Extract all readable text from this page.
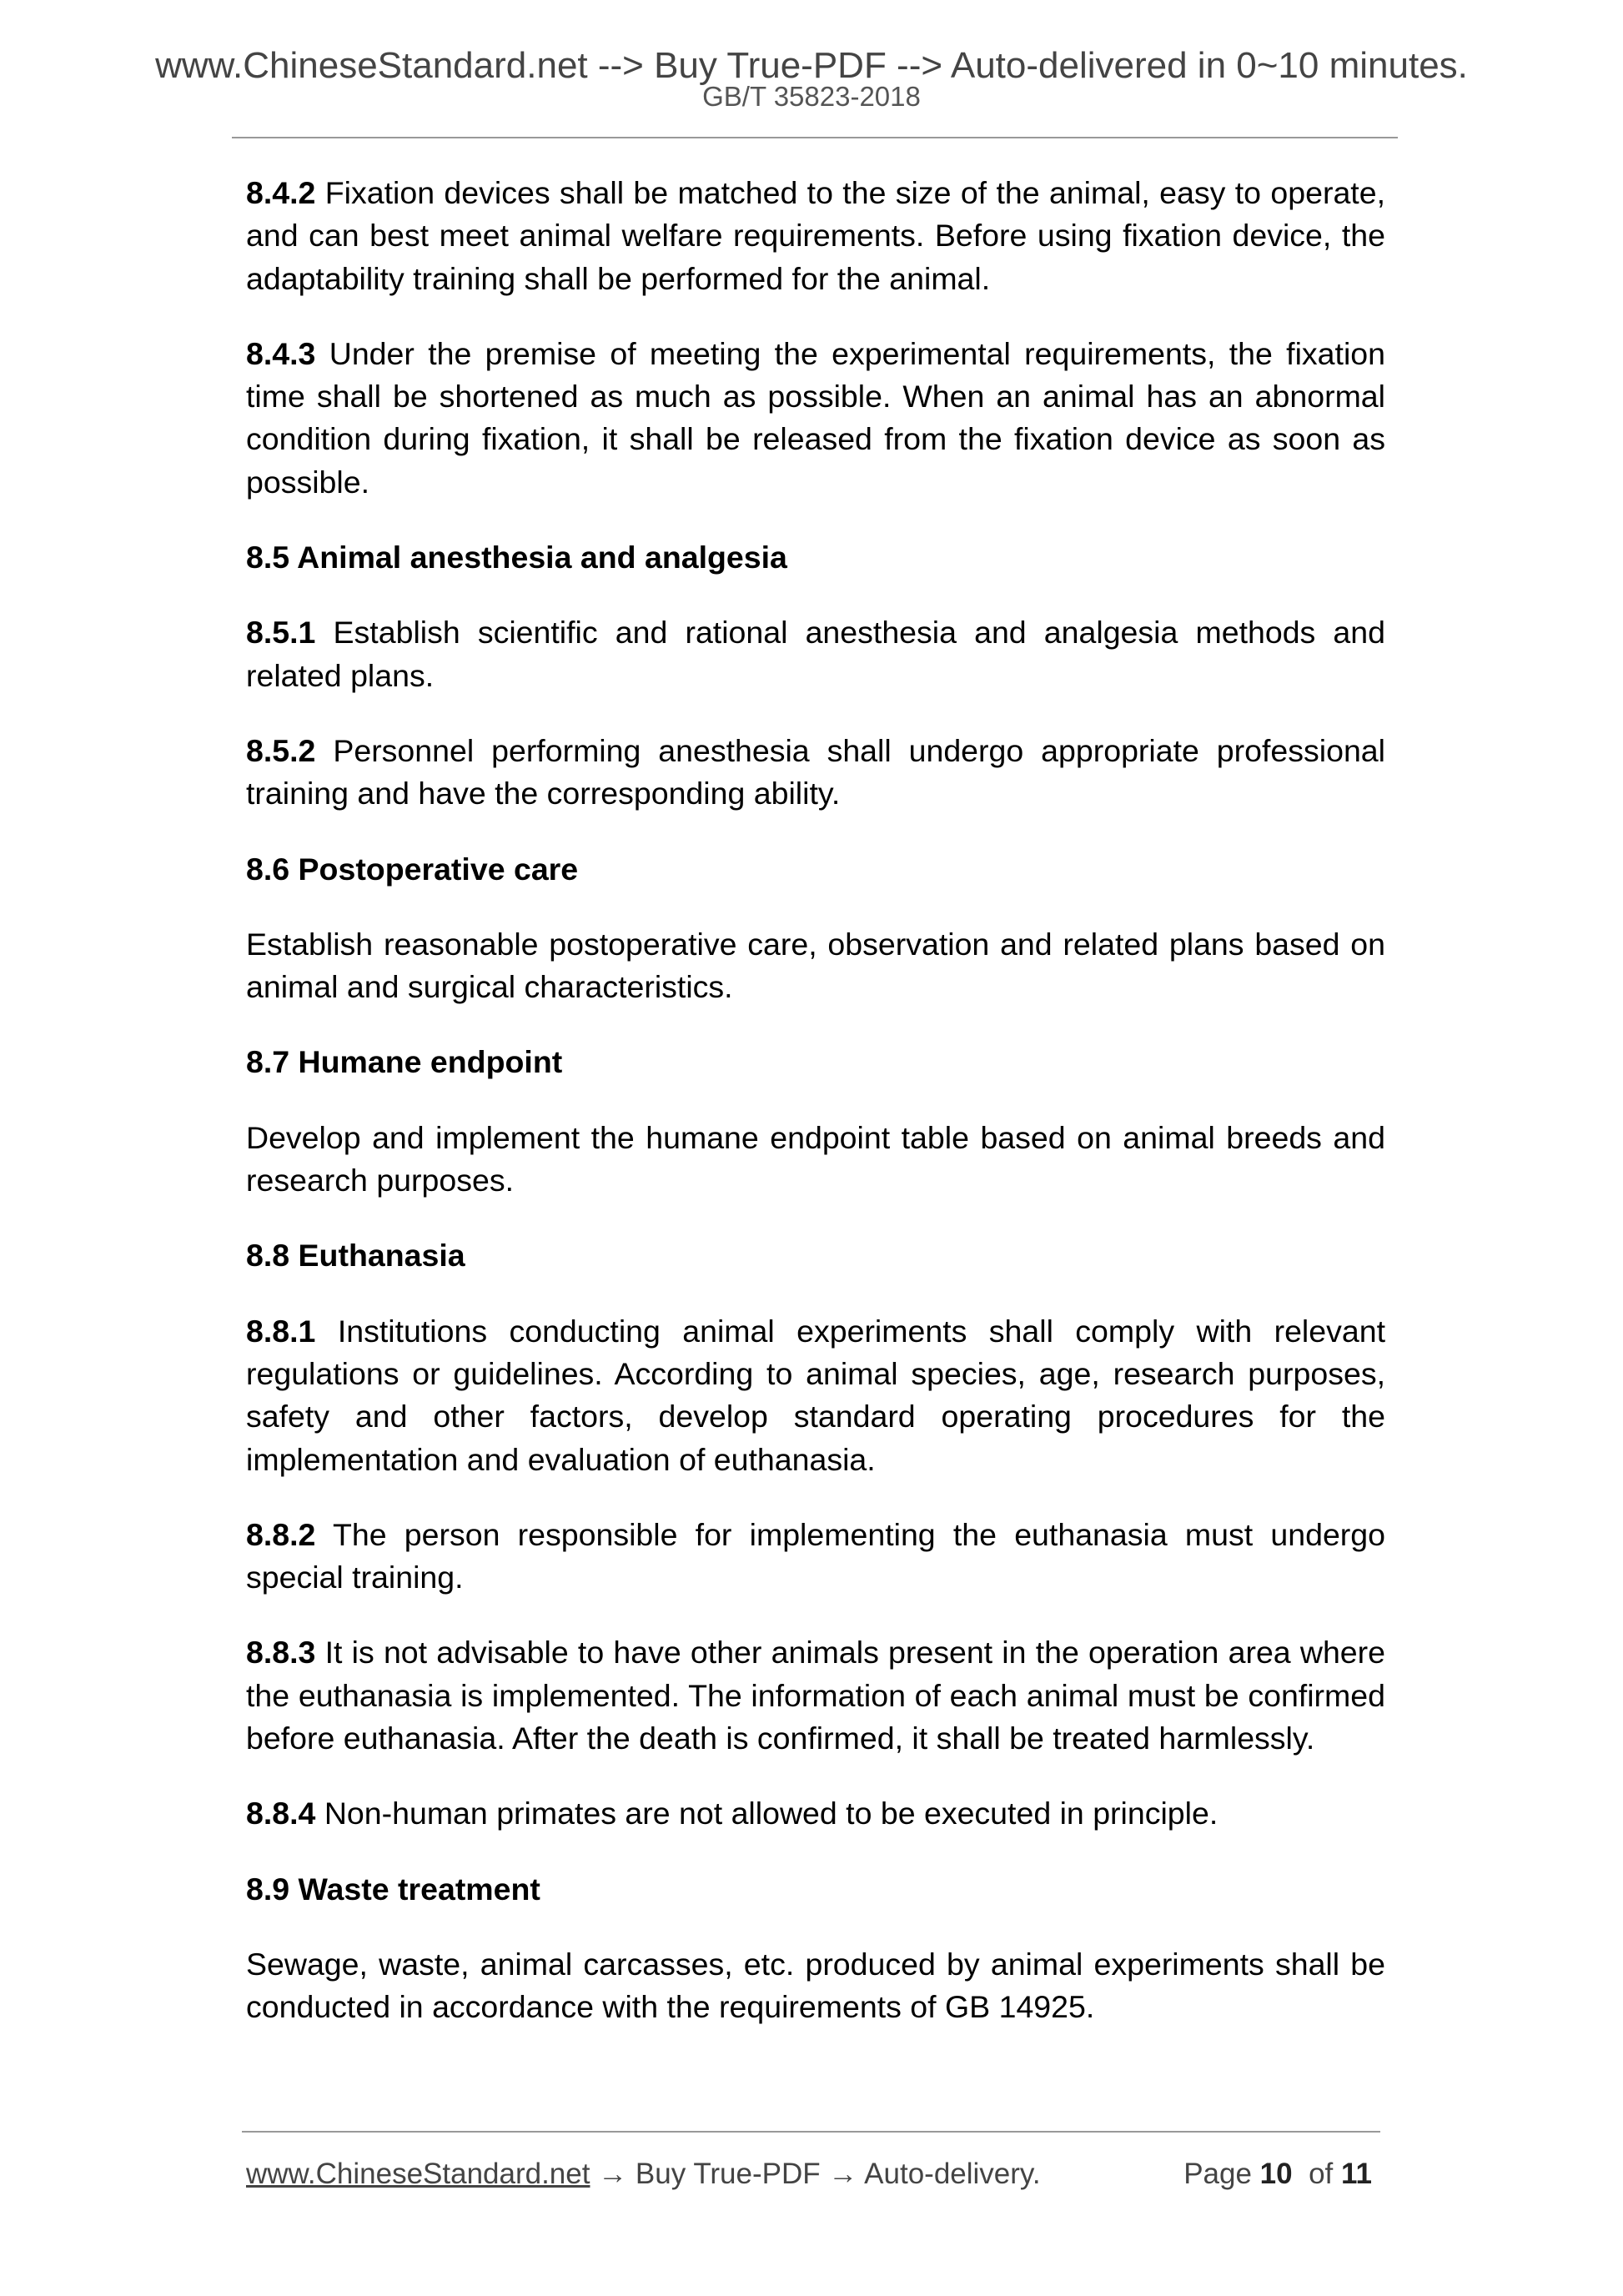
www.ChineseStandard.net --> Buy True-PDF --> Auto-delivered in 0~10 minutes.
GB/T 35823-2018

8.4.2 Fixation devices shall be matched to the size of the animal, easy to operate, and can best meet animal welfare requirements. Before using fixation device, the adaptability training shall be performed for the animal.

8.4.3 Under the premise of meeting the experimental requirements, the fixation time shall be shortened as much as possible. When an animal has an abnormal condition during fixation, it shall be released from the fixation device as soon as possible.

8.5 Animal anesthesia and analgesia

8.5.1 Establish scientific and rational anesthesia and analgesia methods and related plans.

8.5.2 Personnel performing anesthesia shall undergo appropriate professional training and have the corresponding ability.

8.6 Postoperative care

Establish reasonable postoperative care, observation and related plans based on animal and surgical characteristics.

8.7 Humane endpoint

Develop and implement the humane endpoint table based on animal breeds and research purposes.

8.8 Euthanasia

8.8.1 Institutions conducting animal experiments shall comply with relevant regulations or guidelines. According to animal species, age, research purposes, safety and other factors, develop standard operating procedures for the implementation and evaluation of euthanasia.

8.8.2 The person responsible for implementing the euthanasia must undergo special training.

8.8.3 It is not advisable to have other animals present in the operation area where the euthanasia is implemented. The information of each animal must be confirmed before euthanasia. After the death is confirmed, it shall be treated harmlessly.

8.8.4 Non-human primates are not allowed to be executed in principle.

8.9 Waste treatment

Sewage, waste, animal carcasses, etc. produced by animal experiments shall be conducted in accordance with the requirements of GB 14925.

www.ChineseStandard.net → Buy True-PDF → Auto-delivery.	Page 10 of 11
